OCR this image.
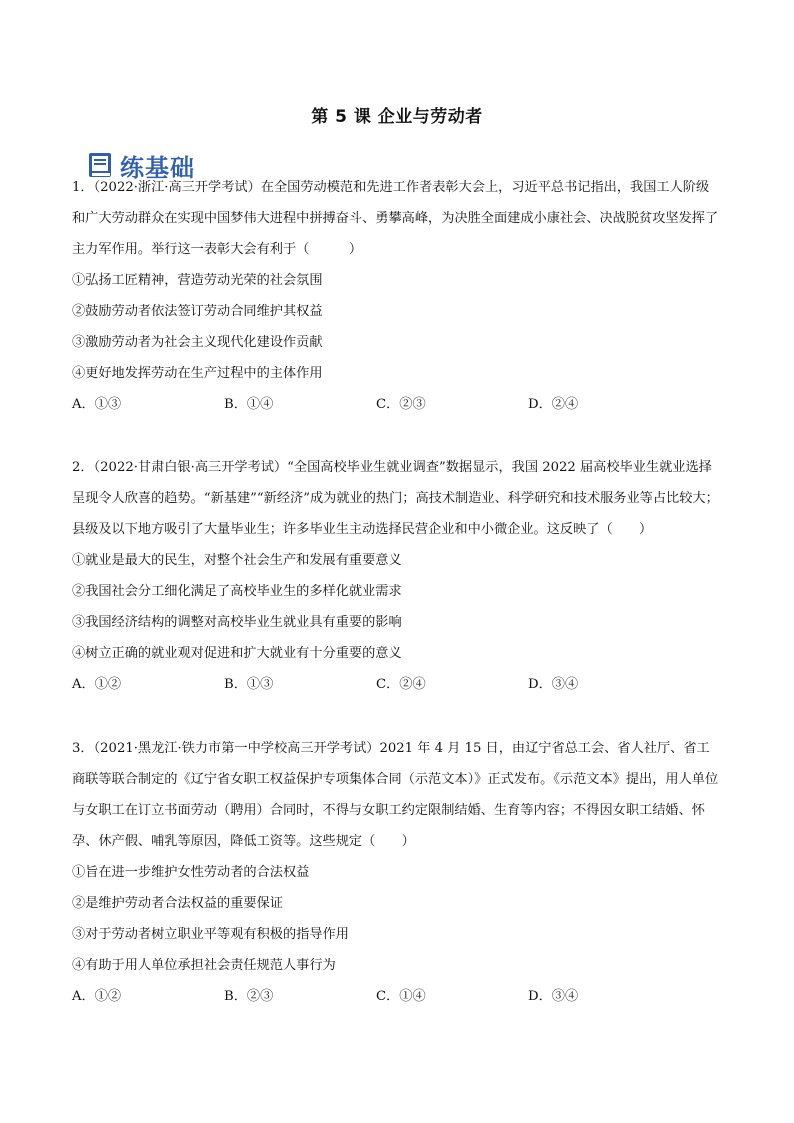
第 5 课 企业与劳动者
练基础
1．（2022·浙江·高三开学考试）在全国劳动模范和先进工作者表彰大会上，习近平总书记指出，我国工人阶级和广大劳动群众在实现中国梦伟大进程中拼搏奋斗、勇攀高峰，为决胜全面建成小康社会、决战脱贫攻坚发挥了主力军作用。举行这一表彰大会有利于（　　　）
①弘扬工匠精神，营造劳动光荣的社会氛围
②鼓励劳动者依法签订劳动合同维护其权益
③激励劳动者为社会主义现代化建设作贡献
④更好地发挥劳动在生产过程中的主体作用
A．①③	B．①④	C．②③	D．②④
2．（2022·甘肃白银·高三开学考试）“全国高校毕业生就业调查”数据显示，我国 2022 届高校毕业生就业选择呈现令人欣喜的趋势。“新基建”“新经济”成为就业的热门；高技术制造业、科学研究和技术服务业等占比较大；县级及以下地方吸引了大量毕业生；许多毕业生主动选择民营企业和中小微企业。这反映了（　　）
①就业是最大的民生，对整个社会生产和发展有重要意义
②我国社会分工细化满足了高校毕业生的多样化就业需求
③我国经济结构的调整对高校毕业生就业具有重要的影响
④树立正确的就业观对促进和扩大就业有十分重要的意义
A．①②	B．①③	C．②④	D．③④
3．（2021·黑龙江·铁力市第一中学校高三开学考试）2021 年 4 月 15 日，由辽宁省总工会、省人社厅、省工商联等联合制定的《辽宁省女职工权益保护专项集体合同（示范文本）》正式发布。《示范文本》提出，用人单位与女职工在订立书面劳动（聘用）合同时，不得与女职工约定限制结婚、生育等内容；不得因女职工结婚、怀孕、休产假、哺乳等原因，降低工资等。这些规定（　　）
①旨在进一步维护女性劳动者的合法权益
②是维护劳动者合法权益的重要保证
③对于劳动者树立职业平等观有积极的指导作用
④有助于用人单位承担社会责任规范人事行为
A．①②	B．②③	C．①④	D．③④
